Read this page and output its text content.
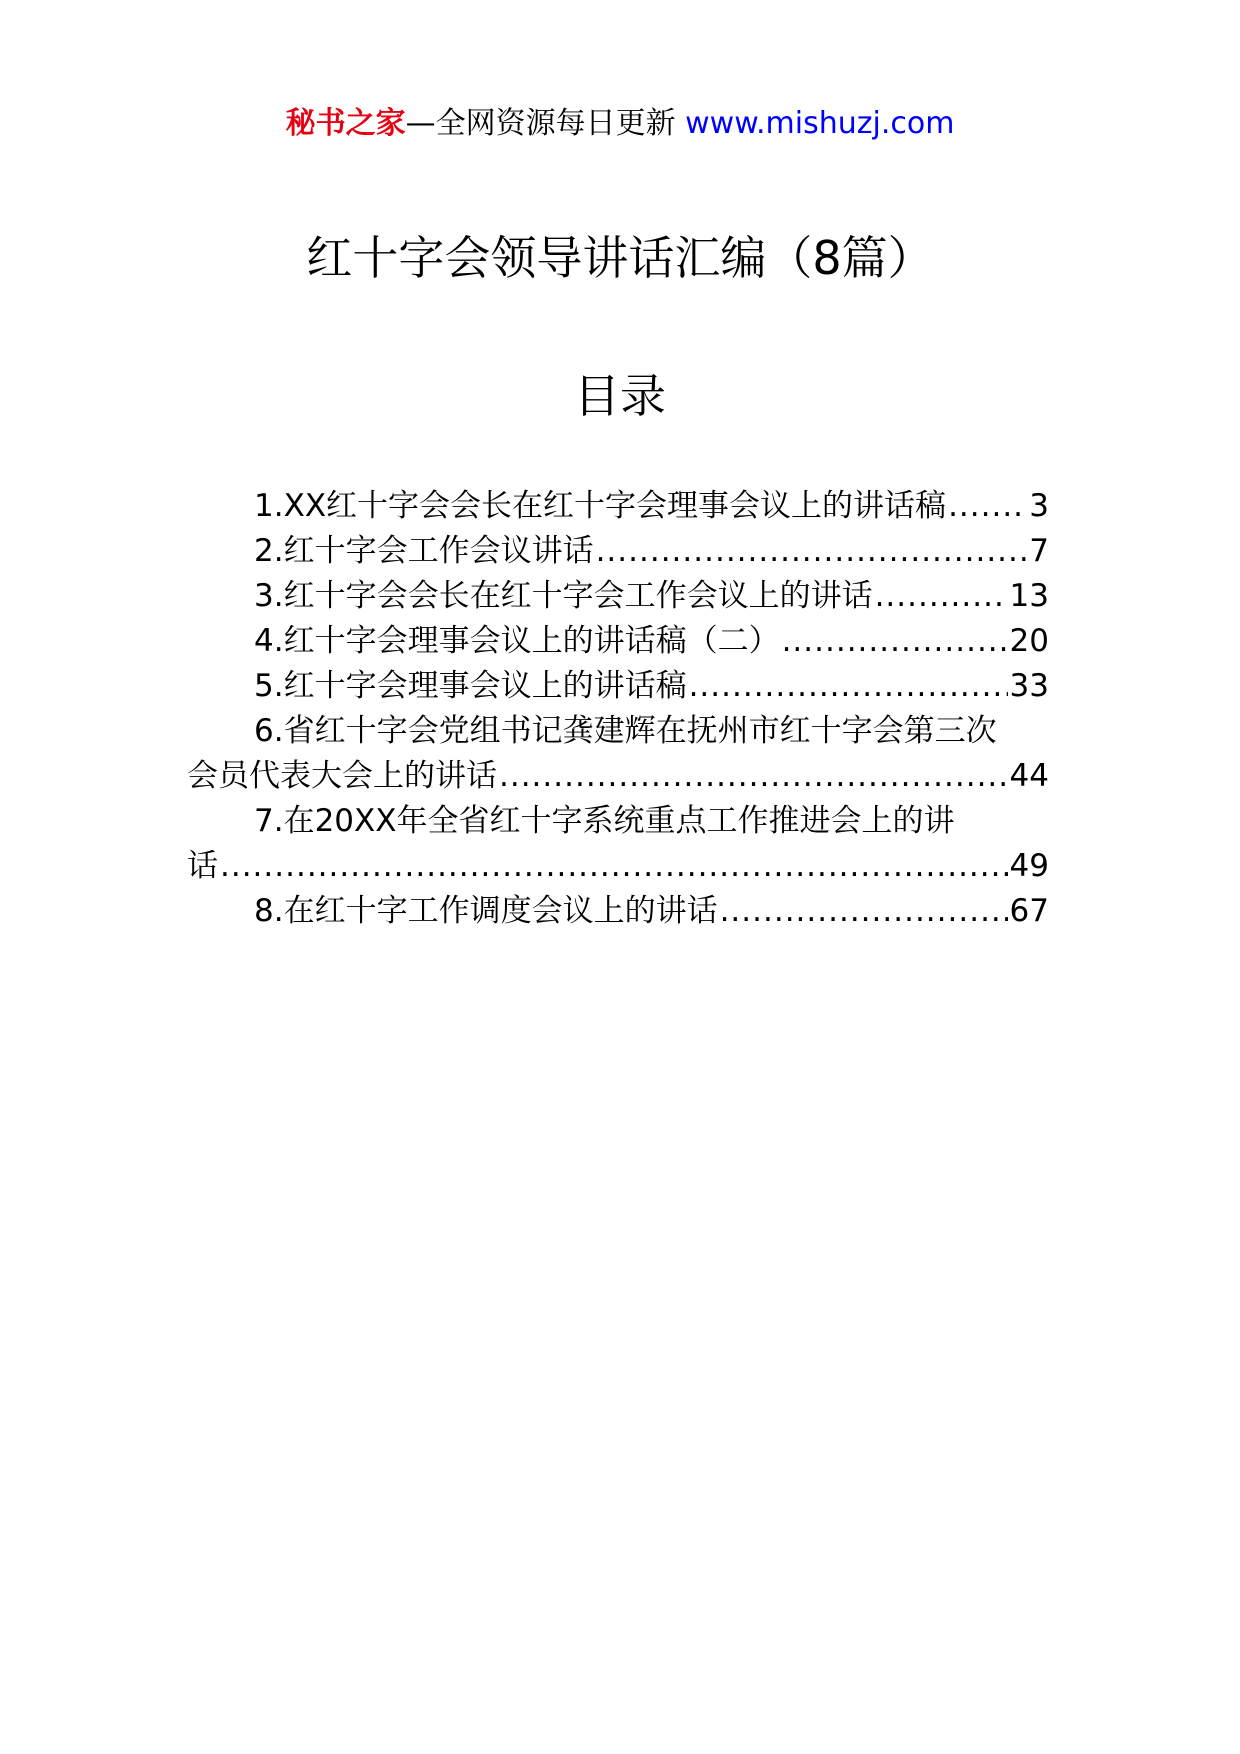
秘书之家—全网资源每日更新 www.mishuzj.com
红十字会领导讲话汇编（8篇）
目录
1.XX红十字会会长在红十字会理事会议上的讲话稿 .....	3
2.红十字会工作会议讲话 .....	7
3.红十字会会长在红十字会工作会议上的讲话 .....	13
4.红十字会理事会议上的讲话稿（二） .....	20
5.红十字会理事会议上的讲话稿 .....	33
6.省红十字会党组书记龚建辉在抚州市红十字会第三次
会员代表大会上的讲话 .....	44
7.在20XX年全省红十字系统重点工作推进会上的讲
话 .....	49
8.在红十字工作调度会议上的讲话 .....	67
